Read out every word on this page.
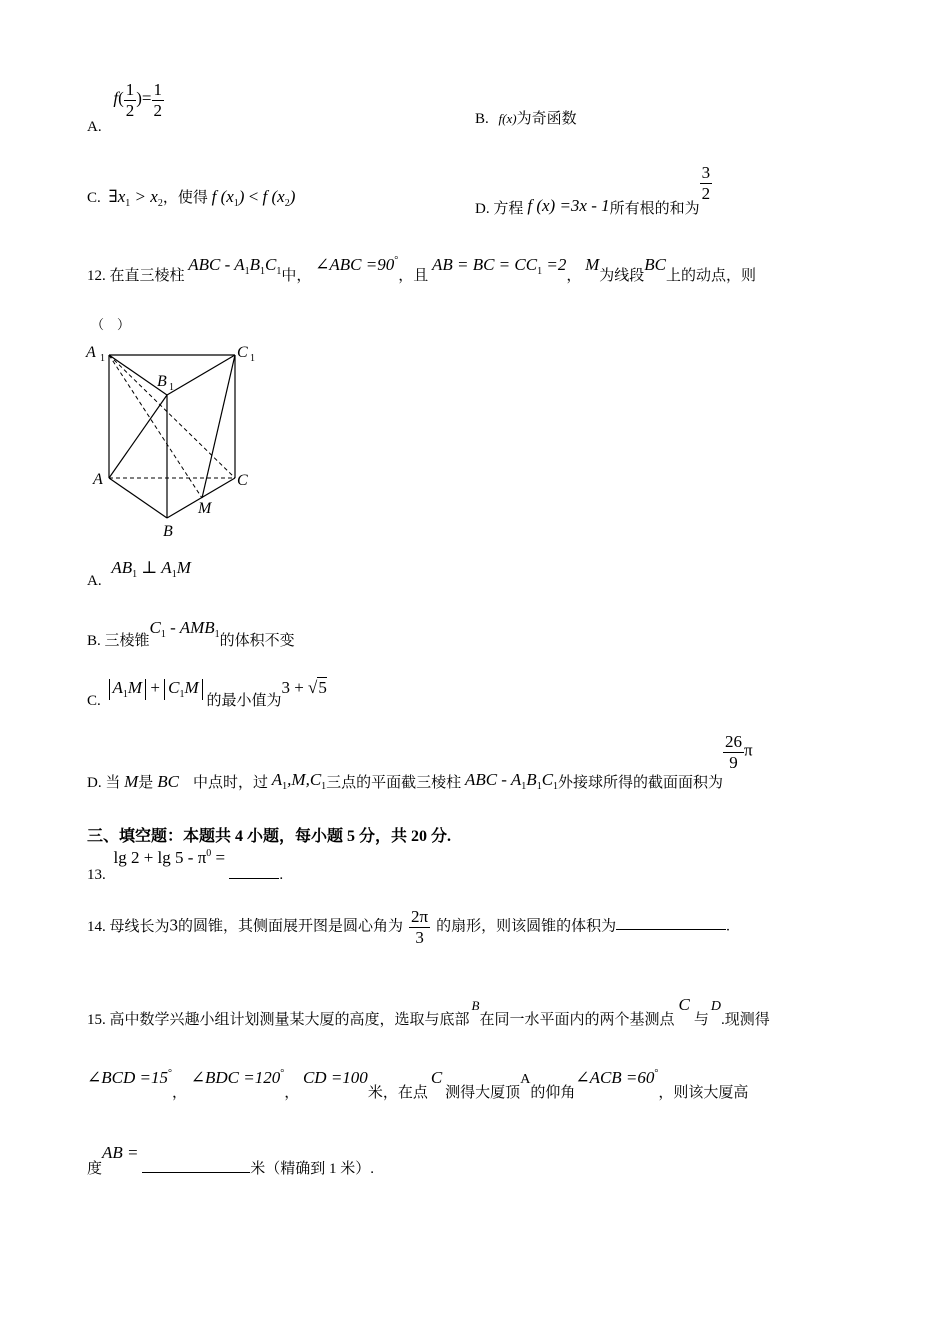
A. $f( \frac{1}{2}$ )= $\frac{1}{2}$	B. f(x)为奇函数
C. $\exists x_1 > x_2$，使得 f $(x_1) < f$ $(x_2)$
D. 方程 f (x) =3x - 1所有根的和为
$\frac{3}{2}$
12. 在直三棱柱 ABC - $A_1B_1C_1$中， ∠ABC =90°，且 AB = BC = $CC_1 =2$， M为线段BC上的动点，则
（　）
A 1	C 1
B 1
A	C
M
B
A. $AB_1$ ⊥ $A_1M$
B. 三棱锥$C_1 - AMB_1$的体积不变
C. $A_1M + C_1M$ 的最小值为3 + √5
D. 当 M是 BC 中点时，过 $A_1,M,C_1$三点的平面截三棱柱 ABC - $A_1B_1C_1$外接球所得的截面面积为
$\frac{26}{9}$ π
三、填空题：本题共 4 小题，每小题 5 分，共 20 分.
13. $\lg 2 + \lg 5 - \pi^0$ = .
14. 母线长为3的圆锥，其侧面展开图是圆心角为 $\frac{2\pi}{3}$ 的扇形，则该圆锥的体积为	.
15. 高中数学兴趣小组计划测量某大厦的高度，选取与底部B在同一水平面内的两个基测点C与D.现测得
∠BCD =15°， ∠BDC =120°， CD =100米，在点C测得大厦顶A的仰角∠ACB =60°，则该大厦高
度AB = 米（精确到 1 米）.
